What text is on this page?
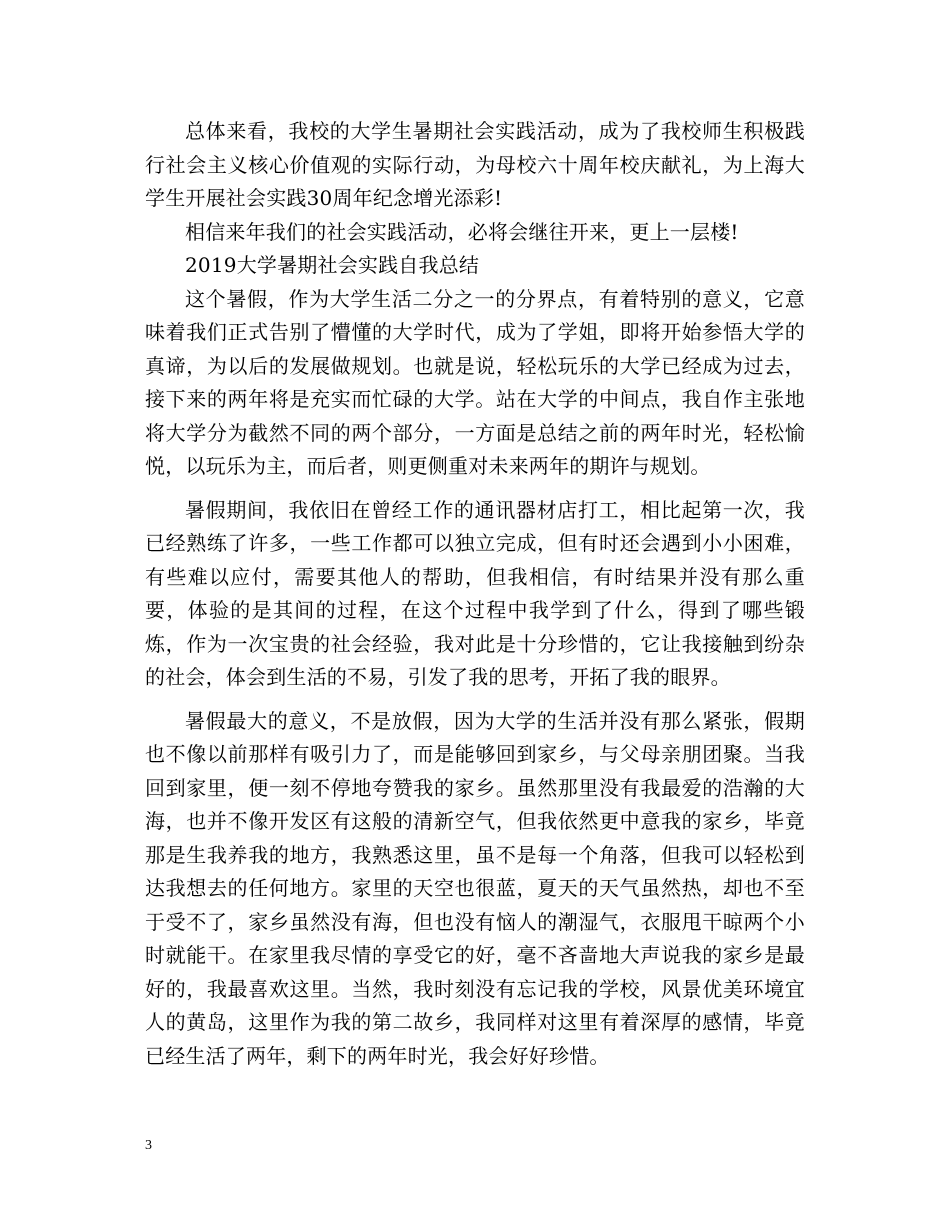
总体来看，我校的大学生暑期社会实践活动，成为了我校师生积极践行社会主义核心价值观的实际行动，为母校六十周年校庆献礼，为上海大学生开展社会实践30周年纪念增光添彩!

相信来年我们的社会实践活动，必将会继往开来，更上一层楼!

2019大学暑期社会实践自我总结

这个暑假，作为大学生活二分之一的分界点，有着特别的意义，它意味着我们正式告别了懵懂的大学时代，成为了学姐，即将开始参悟大学的真谛，为以后的发展做规划。也就是说，轻松玩乐的大学已经成为过去，接下来的两年将是充实而忙碌的大学。站在大学的中间点，我自作主张地将大学分为截然不同的两个部分，一方面是总结之前的两年时光，轻松愉悦，以玩乐为主，而后者，则更侧重对未来两年的期许与规划。

暑假期间，我依旧在曾经工作的通讯器材店打工，相比起第一次，我已经熟练了许多，一些工作都可以独立完成，但有时还会遇到小小困难，有些难以应付，需要其他人的帮助，但我相信，有时结果并没有那么重要，体验的是其间的过程，在这个过程中我学到了什么，得到了哪些锻炼，作为一次宝贵的社会经验，我对此是十分珍惜的，它让我接触到纷杂的社会，体会到生活的不易，引发了我的思考，开拓了我的眼界。

暑假最大的意义，不是放假，因为大学的生活并没有那么紧张，假期也不像以前那样有吸引力了，而是能够回到家乡，与父母亲朋团聚。当我回到家里，便一刻不停地夸赞我的家乡。虽然那里没有我最爱的浩瀚的大海，也并不像开发区有这般的清新空气，但我依然更中意我的家乡，毕竟那是生我养我的地方，我熟悉这里，虽不是每一个角落，但我可以轻松到达我想去的任何地方。家里的天空也很蓝，夏天的天气虽然热，却也不至于受不了，家乡虽然没有海，但也没有恼人的潮湿气，衣服甩干晾两个小时就能干。在家里我尽情的享受它的好，毫不吝啬地大声说我的家乡是最好的，我最喜欢这里。当然，我时刻没有忘记我的学校，风景优美环境宜人的黄岛，这里作为我的第二故乡，我同样对这里有着深厚的感情，毕竟已经生活了两年，剩下的两年时光，我会好好珍惜。

3
